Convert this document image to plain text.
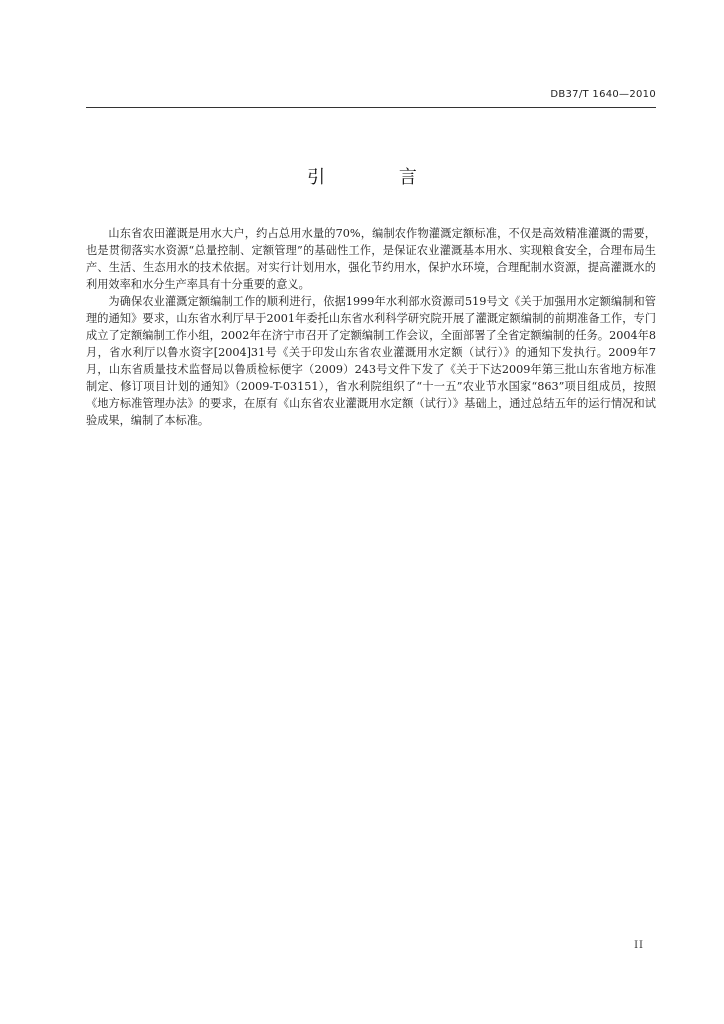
DB37/T 1640—2010
引 言

山东省农田灌溉是用水大户，约占总用水量的70%，编制农作物灌溉定额标准，不仅是高效精准灌溉的需要，也是贯彻落实水资源“总量控制、定额管理”的基础性工作，是保证农业灌溉基本用水、实现粮食安全，合理布局生产、生活、生态用水的技术依据。对实行计划用水，强化节约用水，保护水环境，合理配制水资源，提高灌溉水的利用效率和水分生产率具有十分重要的意义。

为确保农业灌溉定额编制工作的顺利进行，依据1999年水利部水资源司519号文《关于加强用水定额编制和管理的通知》要求，山东省水利厅早于2001年委托山东省水利科学研究院开展了灌溉定额编制的前期准备工作，专门成立了定额编制工作小组，2002年在济宁市召开了定额编制工作会议，全面部署了全省定额编制的任务。2004年8月，省水利厅以鲁水资字[2004]31号《关于印发山东省农业灌溉用水定额（试行）》的通知下发执行。2009年7月，山东省质量技术监督局以鲁质检标便字（2009）243号文件下发了《关于下达2009年第三批山东省地方标准制定、修订项目计划的通知》（2009-T-03151），省水利院组织了“十一五”农业节水国家“863”项目组成员，按照《地方标准管理办法》的要求，在原有《山东省农业灌溉用水定额（试行）》基础上，通过总结五年的运行情况和试验成果，编制了本标准。

II
